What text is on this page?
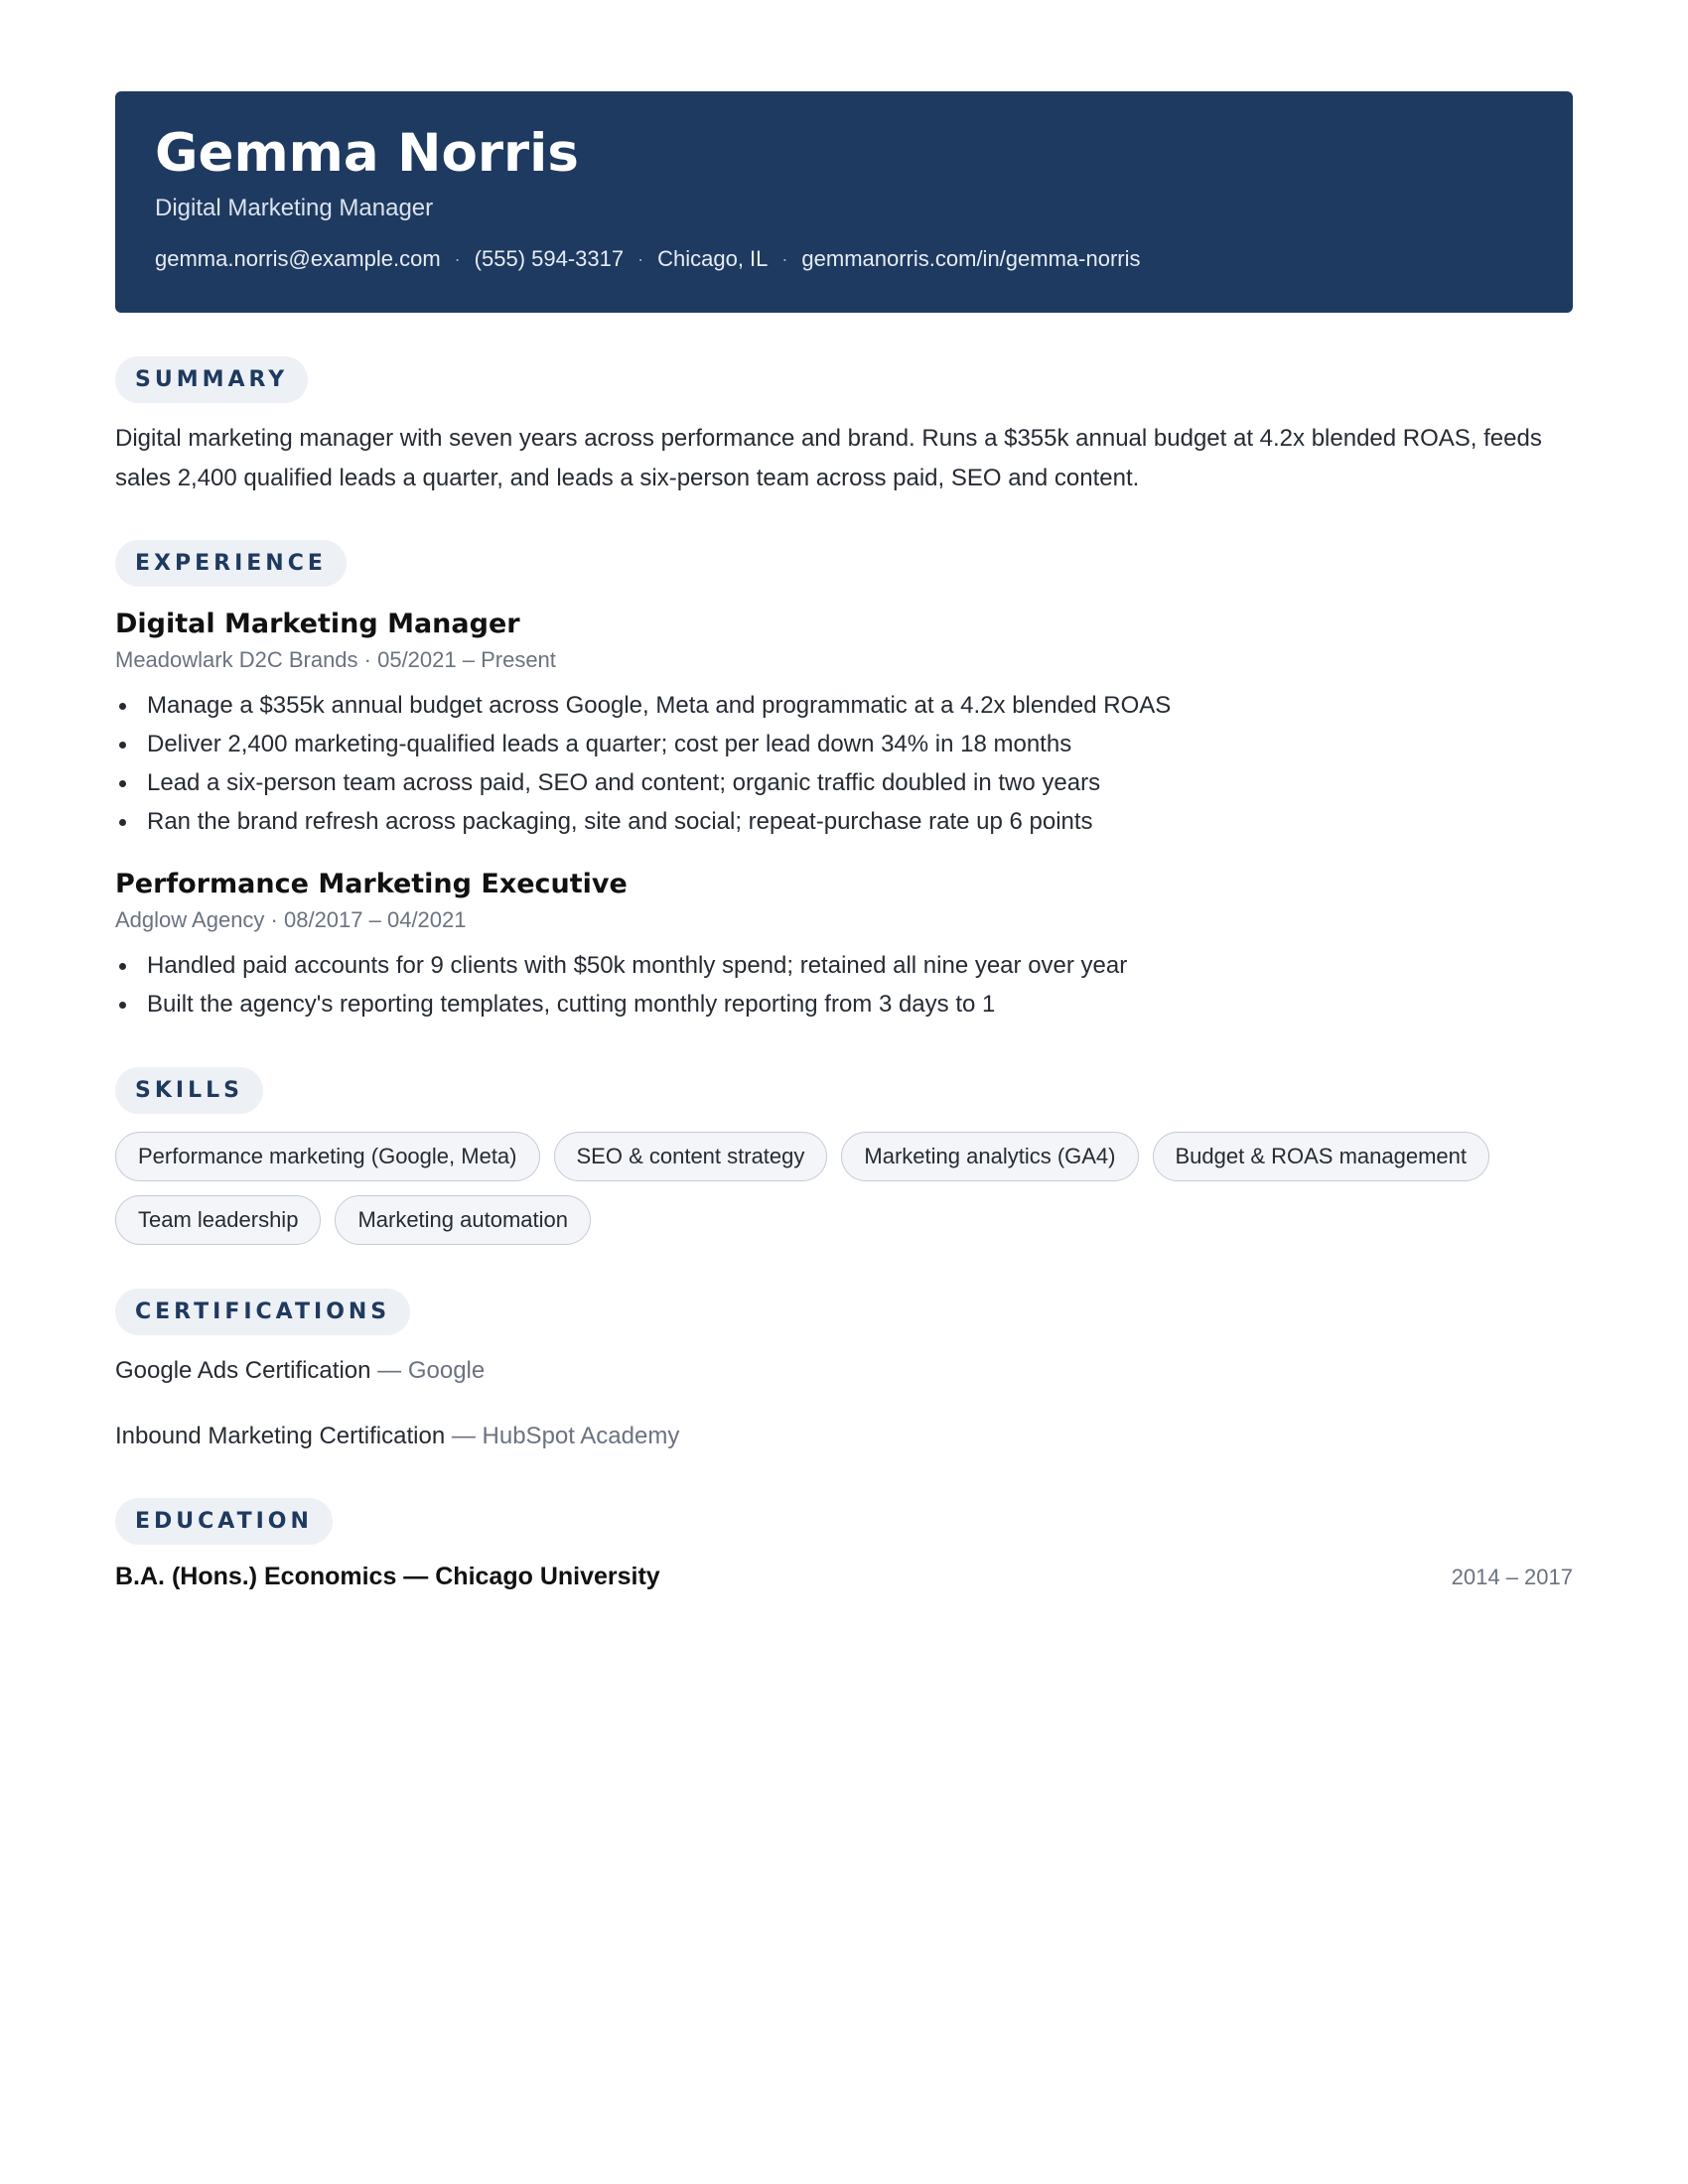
Gemma Norris
Digital Marketing Manager
gemma.norris@example.com · (555) 594-3317 · Chicago, IL · gemmanorris.com/in/gemma-norris
SUMMARY
Digital marketing manager with seven years across performance and brand. Runs a $355k annual budget at 4.2x blended ROAS, feeds sales 2,400 qualified leads a quarter, and leads a six-person team across paid, SEO and content.
EXPERIENCE
Digital Marketing Manager
Meadowlark D2C Brands · 05/2021 – Present
Manage a $355k annual budget across Google, Meta and programmatic at a 4.2x blended ROAS
Deliver 2,400 marketing-qualified leads a quarter; cost per lead down 34% in 18 months
Lead a six-person team across paid, SEO and content; organic traffic doubled in two years
Ran the brand refresh across packaging, site and social; repeat-purchase rate up 6 points
Performance Marketing Executive
Adglow Agency · 08/2017 – 04/2021
Handled paid accounts for 9 clients with $50k monthly spend; retained all nine year over year
Built the agency's reporting templates, cutting monthly reporting from 3 days to 1
SKILLS
Performance marketing (Google, Meta)	SEO & content strategy	Marketing analytics (GA4)	Budget & ROAS management
Team leadership	Marketing automation
CERTIFICATIONS
Google Ads Certification — Google
Inbound Marketing Certification — HubSpot Academy
EDUCATION
B.A. (Hons.) Economics — Chicago University	2014 – 2017
